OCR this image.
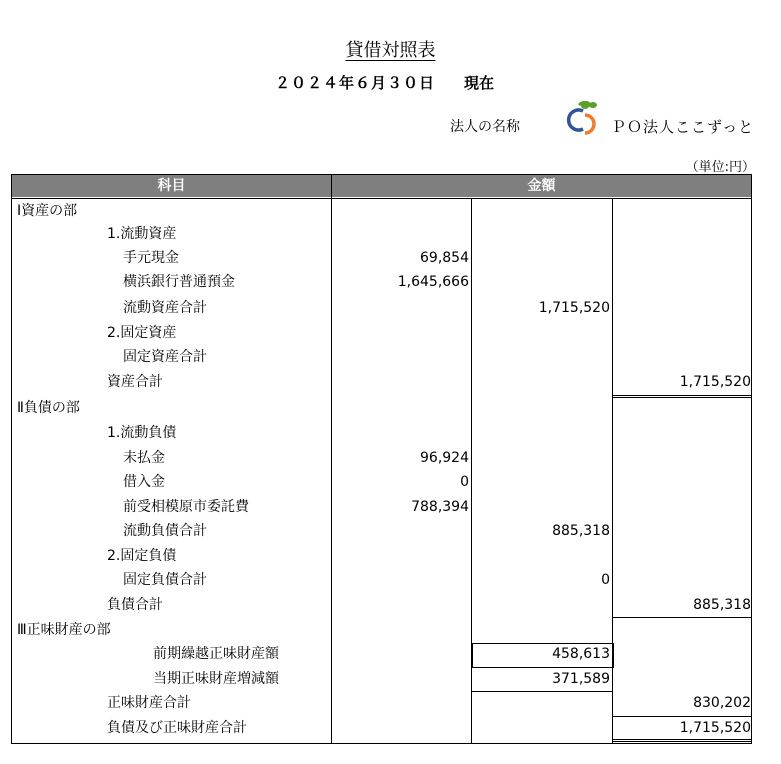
貸借対照表
２０２４年６月３０日 現在
法人の名称	ＰＯ法人ここずっと
（単位:円）
科目	金額
Ⅰ資産の部
1.流動資産
手元現金	69,854
横浜銀行普通預金	1,645,666
流動資産合計	1,715,520
2.固定資産
固定資産合計
資産合計	1,715,520
Ⅱ負債の部
1.流動負債
未払金	96,924
借入金	0
前受相模原市委託費	788,394
流動負債合計	885,318
2.固定負債
固定負債合計	0
負債合計	885,318
Ⅲ正味財産の部
前期繰越正味財産額	458,613
当期正味財産増減額	371,589
正味財産合計	830,202
負債及び正味財産合計	1,715,520
